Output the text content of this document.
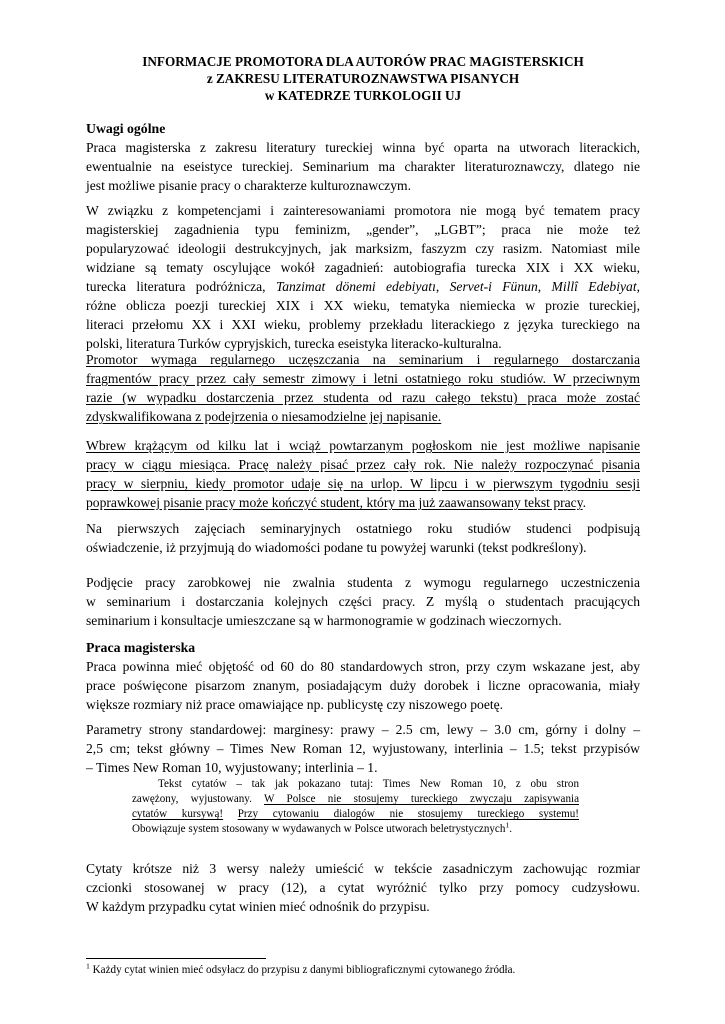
INFORMACJE PROMOTORA DLA AUTORÓW PRAC MAGISTERSKICH
z ZAKRESU LITERATUROZNAWSTWA PISANYCH
w KATEDRZE TURKOLOGII UJ
Uwagi ogólne
Praca magisterska z zakresu literatury tureckiej winna być oparta na utworach literackich,
ewentualnie na eseistyce tureckiej. Seminarium ma charakter literaturoznawczy, dlatego nie
jest możliwe pisanie pracy o charakterze kulturoznawczym.
W związku z kompetencjami i zainteresowaniami promotora nie mogą być tematem pracy
magisterskiej zagadnienia typu feminizm, „gender”, „LGBT”; praca nie może też
popularyzować ideologii destrukcyjnych, jak marksizm, faszyzm czy rasizm. Natomiast mile
widziane są tematy oscylujące wokół zagadnień: autobiografia turecka XIX i XX wieku,
turecka literatura podróżnicza, Tanzimat dönemi edebiyatı, Servet-i Fünun, Millî Edebiyat,
różne oblicza poezji tureckiej XIX i XX wieku, tematyka niemiecka w prozie tureckiej,
literaci przełomu XX i XXI wieku, problemy przekładu literackiego z języka tureckiego na
polski, literatura Turków cypryjskich, turecka eseistyka literacko-kulturalna.
Promotor wymaga regularnego uczęszczania na seminarium i regularnego dostarczania
fragmentów pracy przez cały semestr zimowy i letni ostatniego roku studiów. W przeciwnym
razie (w wypadku dostarczenia przez studenta od razu całego tekstu) praca może zostać
zdyskwalifikowana z podejrzenia o niesamodzielne jej napisanie.
Wbrew krążącym od kilku lat i wciąż powtarzanym pogłoskom nie jest możliwe napisanie
pracy w ciągu miesiąca. Pracę należy pisać przez cały rok. Nie należy rozpoczynać pisania
pracy w sierpniu, kiedy promotor udaje się na urlop. W lipcu i w pierwszym tygodniu sesji
poprawkowej pisanie pracy może kończyć student, który ma już zaawansowany tekst pracy.
Na pierwszych zajęciach seminaryjnych ostatniego roku studiów studenci podpisują
oświadczenie, iż przyjmują do wiadomości podane tu powyżej warunki (tekst podkreślony).
Podjęcie pracy zarobkowej nie zwalnia studenta z wymogu regularnego uczestniczenia
w seminarium i dostarczania kolejnych części pracy. Z myślą o studentach pracujących
seminarium i konsultacje umieszczane są w harmonogramie w godzinach wieczornych.
Praca magisterska
Praca powinna mieć objętość od 60 do 80 standardowych stron, przy czym wskazane jest, aby
prace poświęcone pisarzom znanym, posiadającym duży dorobek i liczne opracowania, miały
większe rozmiary niż prace omawiające np. publicystę czy niszowego poetę.
Parametry strony standardowej: marginesy: prawy – 2.5 cm, lewy – 3.0 cm, górny i dolny –
2,5 cm; tekst główny – Times New Roman 12, wyjustowany, interlinia – 1.5; tekst przypisów
– Times New Roman 10, wyjustowany; interlinia – 1.
Tekst cytatów – tak jak pokazano tutaj: Times New Roman 10, z obu stron
zawężony, wyjustowany. W Polsce nie stosujemy tureckiego zwyczaju zapisywania
cytatów kursywą! Przy cytowaniu dialogów nie stosujemy tureckiego systemu!
Obowiązuje system stosowany w wydawanych w Polsce utworach beletrystycznych$^1$.
Cytaty krótsze niż 3 wersy należy umieścić w tekście zasadniczym zachowując rozmiar
czcionki stosowanej w pracy (12), a cytat wyróżnić tylko przy pomocy cudzysłowu.
W każdym przypadku cytat winien mieć odnośnik do przypisu.
$^1$ Każdy cytat winien mieć odsyłacz do przypisu z danymi bibliograficznymi cytowanego źródła.
